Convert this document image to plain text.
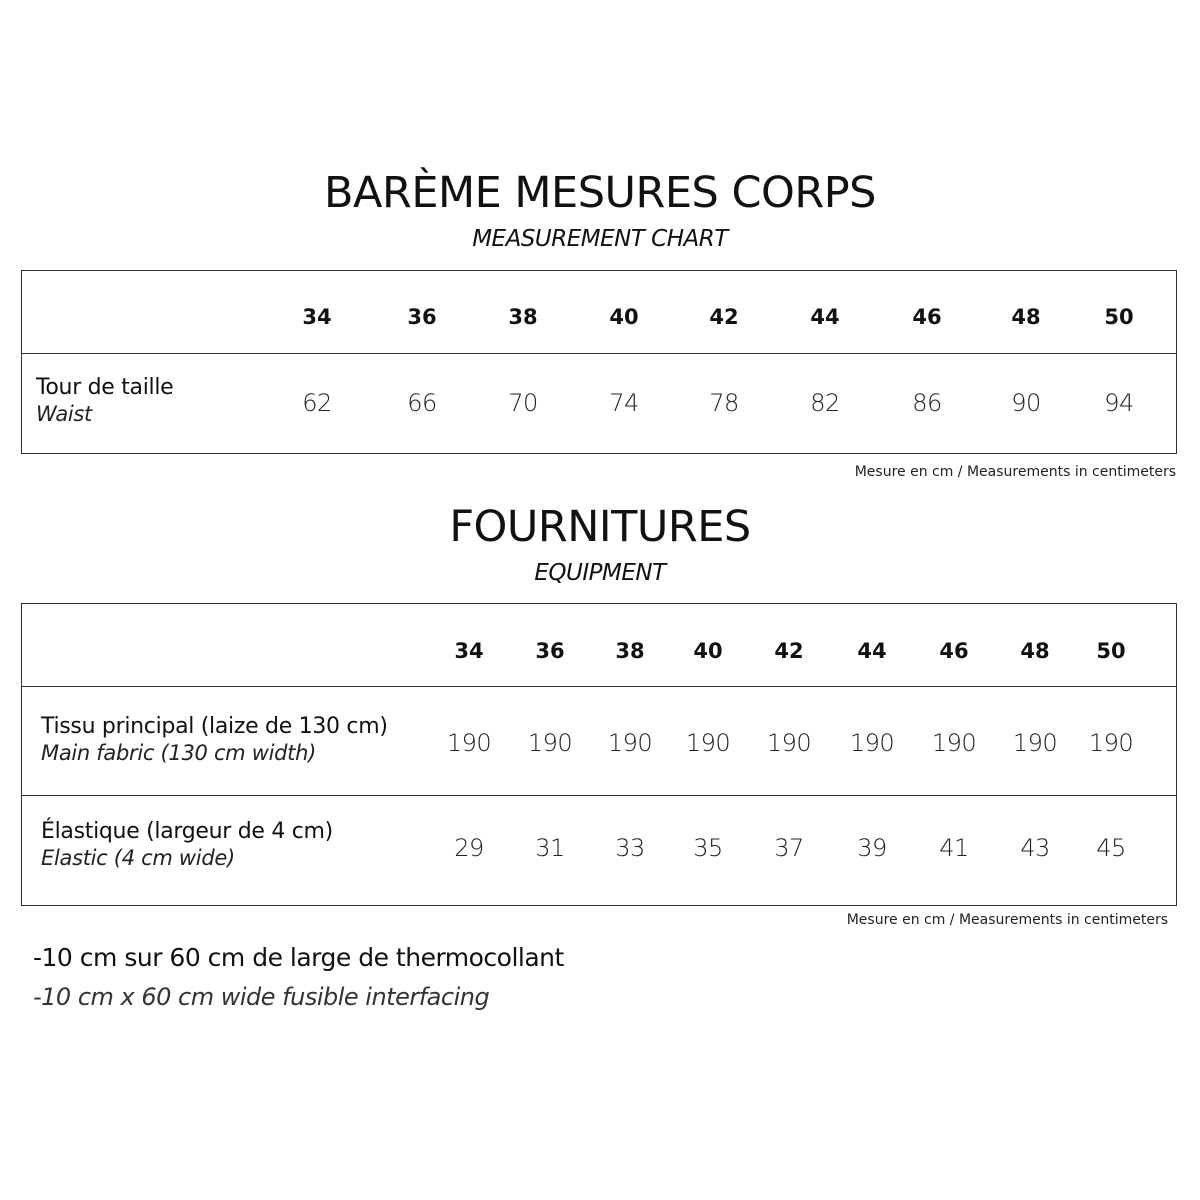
BARÈME MESURES CORPS
MEASUREMENT CHART
34	36	38	40	42	44	46	48	50
Tour de taille
Waist	62	66	70	74	78	82	86	90	94
Mesure en cm / Measurements in centimeters
FOURNITURES
EQUIPMENT
34 36 38 40 42	44	46 48 50
Tissu principal (laize de 130 cm)
Main fabric (130 cm width)	190 190 190 190 190 190 190 190 190
Élastique (largeur de 4 cm)
Elastic (4 cm wide)	29 31 33 35 37 39 41 43 45
Mesure en cm / Measurements in centimeters
-10 cm sur 60 cm de large de thermocollant
-10 cm x 60 cm wide fusible interfacing
